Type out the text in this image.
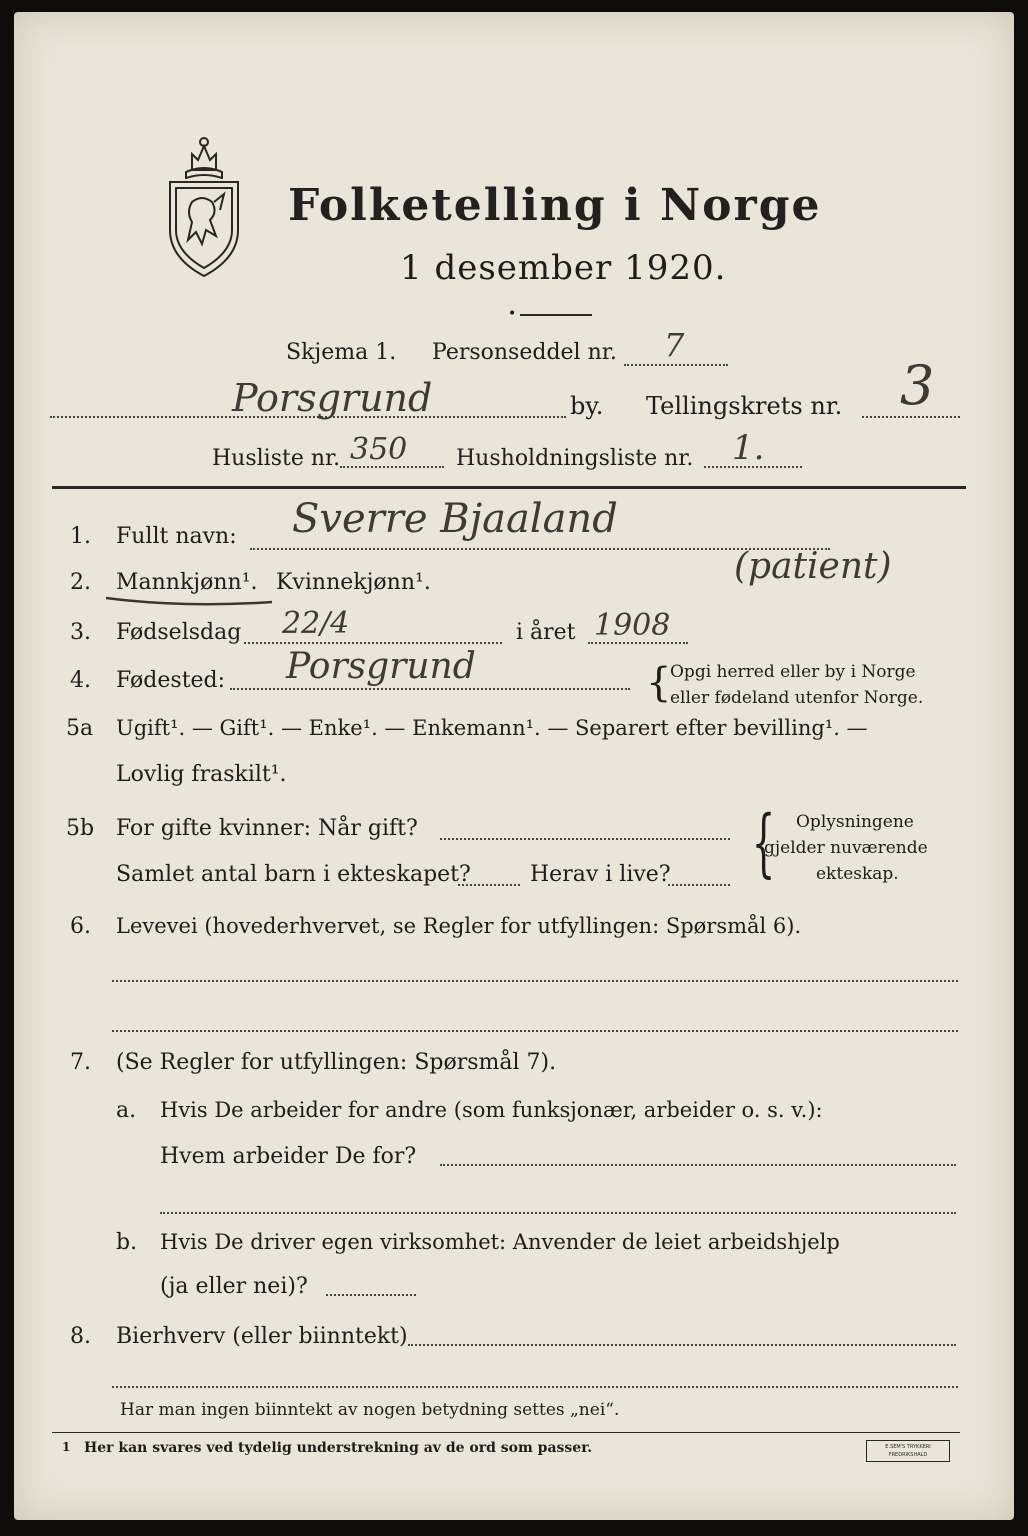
Folketelling i Norge
1 desember 1920.
•
Skjema 1. Personseddel nr. 7
Porsgrund	by. Tellingskrets nr. 3
Husliste nr. 350 Husholdningsliste nr. 1.
1. Fullt navn: Sverre Bjaaland
(patient)
2. Mannkjønn¹. Kvinnekjønn¹.
3. Fødselsdag 22/4	i året 1908
4. Fødested: Porsgrund	{
Opgi herred eller by i Norge
eller fødeland utenfor Norge.
5a Ugift¹. — Gift¹. — Enke¹. — Enkemann¹. — Separert efter bevilling¹. —
Lovlig fraskilt¹.
5b For gifte kvinner: Når gift?
Samlet antal barn i ekteskapet?	Herav i live? { Oplysningene
gjelder nuværende
ekteskap.
6. Levevei (hovederhvervet, se Regler for utfyllingen: Spørsmål 6).
7. (Se Regler for utfyllingen: Spørsmål 7).
a. Hvis De arbeider for andre (som funksjonær, arbeider o. s. v.):
Hvem arbeider De for?
b. Hvis De driver egen virksomhet: Anvender de leiet arbeidshjelp
(ja eller nei)?
8. Bierhverv (eller biinntekt)
Har man ingen biinntekt av nogen betydning settes „nei“.
1 Her kan svares ved tydelig understrekning av de ord som passer.	E.SEM'S TRYKKERI
FREDRIKSHALD
